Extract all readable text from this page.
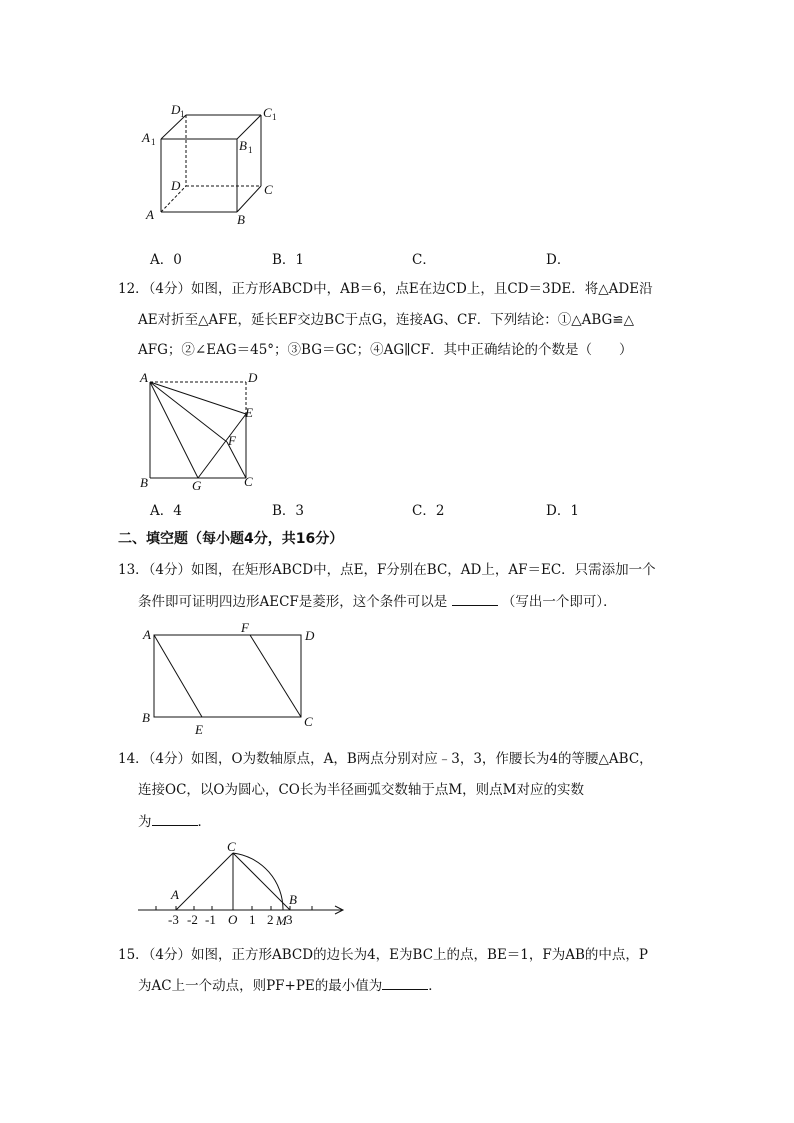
D 1	C 1
A 1	B 1
D	C
A	B
A．0	B．1	C．	D．
12．（4分）如图，正方形ABCD中，AB＝6，点E在边CD上，且CD＝3DE．将△ADE沿
AE对折至△AFE，延长EF交边BC于点G，连接AG、CF．下列结论：①△ABG≌△
AFG；②∠EAG＝45°；③BG＝GC；④AG∥CF．其中正确结论的个数是（　　）
A	D
E
F
B	G	C
A．4	B．3	C．2	D．1
二、填空题（每小题4分，共16分）
13．（4分）如图，在矩形ABCD中，点E，F分别在BC，AD上，AF＝EC．只需添加一个
条件即可证明四边形AECF是菱形，这个条件可以是	（写出一个即可）．
A	F
D
B
E
C
14．（4分）如图，O为数轴原点，A，B两点分别对应﹣3，3，作腰长为4的等腰△ABC，
连接OC，以O为圆心，CO长为半径画弧交数轴于点M，则点M对应的实数
为	．
C
A	B
O	M
-3 -2 -1	1 2 3
15．（4分）如图，正方形ABCD的边长为4，E为BC上的点，BE＝1，F为AB的中点，P
为AC上一个动点，则PF+PE的最小值为	．
